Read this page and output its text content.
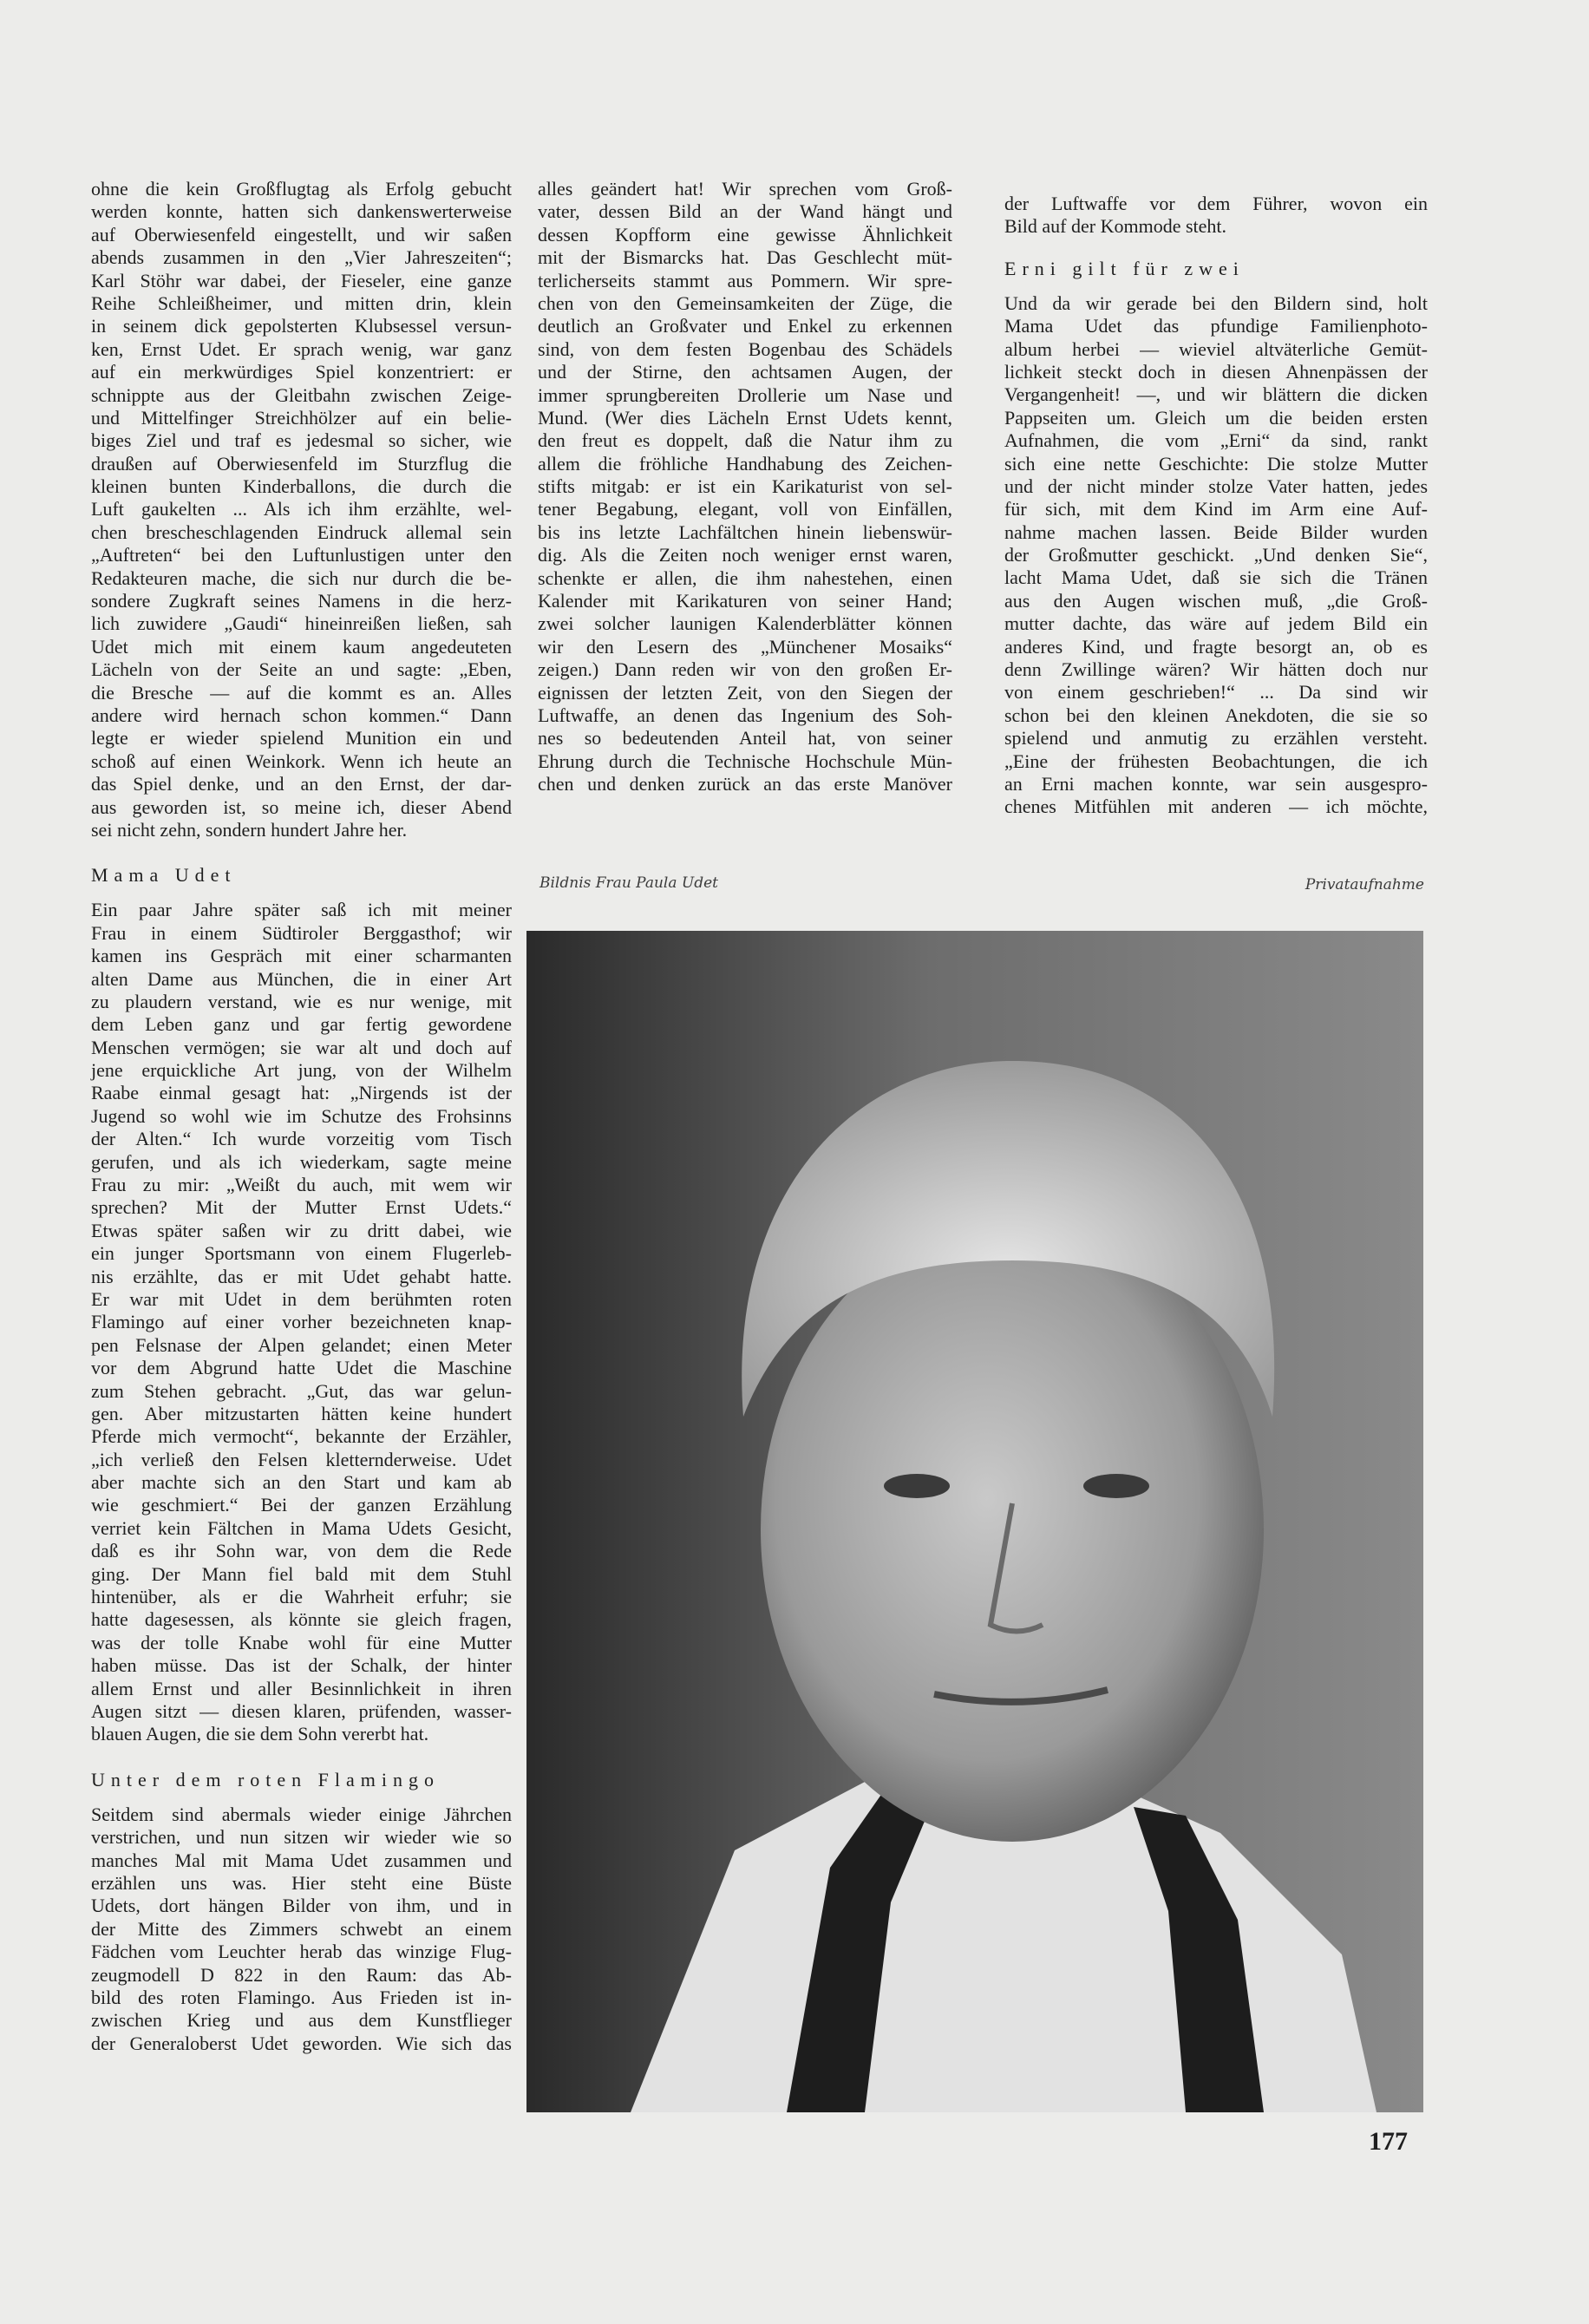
ohne die kein Großflugtag als Erfolg gebucht
werden konnte, hatten sich dankenswerterweise
auf Oberwiesenfeld eingestellt, und wir saßen
abends zusammen in den „Vier Jahreszeiten“;
Karl Stöhr war dabei, der Fieseler, eine ganze
Reihe Schleißheimer, und mitten drin, klein
in seinem dick gepolsterten Klubsessel versun-
ken, Ernst Udet. Er sprach wenig, war ganz
auf ein merkwürdiges Spiel konzentriert: er
schnippte aus der Gleitbahn zwischen Zeige-
und Mittelfinger Streichhölzer auf ein belie-
biges Ziel und traf es jedesmal so sicher, wie
draußen auf Oberwiesenfeld im Sturzflug die
kleinen bunten Kinderballons, die durch die
Luft gaukelten ... Als ich ihm erzählte, wel-
chen brescheschlagenden Eindruck allemal sein
„Auftreten“ bei den Luftunlustigen unter den
Redakteuren mache, die sich nur durch die be-
sondere Zugkraft seines Namens in die herz-
lich zuwidere „Gaudi“ hineinreißen ließen, sah
Udet mich mit einem kaum angedeuteten
Lächeln von der Seite an und sagte: „Eben,
die Bresche — auf die kommt es an. Alles
andere wird hernach schon kommen.“ Dann
legte er wieder spielend Munition ein und
schoß auf einen Weinkork. Wenn ich heute an
das Spiel denke, und an den Ernst, der dar-
aus geworden ist, so meine ich, dieser Abend
sei nicht zehn, sondern hundert Jahre her.
Mama Udet
Ein paar Jahre später saß ich mit meiner
Frau in einem Südtiroler Berggasthof; wir
kamen ins Gespräch mit einer scharmanten
alten Dame aus München, die in einer Art
zu plaudern verstand, wie es nur wenige, mit
dem Leben ganz und gar fertig gewordene
Menschen vermögen; sie war alt und doch auf
jene erquickliche Art jung, von der Wilhelm
Raabe einmal gesagt hat: „Nirgends ist der
Jugend so wohl wie im Schutze des Frohsinns
der Alten.“ Ich wurde vorzeitig vom Tisch
gerufen, und als ich wiederkam, sagte meine
Frau zu mir: „Weißt du auch, mit wem wir
sprechen? Mit der Mutter Ernst Udets.“
Etwas später saßen wir zu dritt dabei, wie
ein junger Sportsmann von einem Flugerleb-
nis erzählte, das er mit Udet gehabt hatte.
Er war mit Udet in dem berühmten roten
Flamingo auf einer vorher bezeichneten knap-
pen Felsnase der Alpen gelandet; einen Meter
vor dem Abgrund hatte Udet die Maschine
zum Stehen gebracht. „Gut, das war gelun-
gen. Aber mitzustarten hätten keine hundert
Pferde mich vermocht“, bekannte der Erzähler,
„ich verließ den Felsen kletternderweise. Udet
aber machte sich an den Start und kam ab
wie geschmiert.“ Bei der ganzen Erzählung
verriet kein Fältchen in Mama Udets Gesicht,
daß es ihr Sohn war, von dem die Rede
ging. Der Mann fiel bald mit dem Stuhl
hintenüber, als er die Wahrheit erfuhr; sie
hatte dagesessen, als könnte sie gleich fragen,
was der tolle Knabe wohl für eine Mutter
haben müsse. Das ist der Schalk, der hinter
allem Ernst und aller Besinnlichkeit in ihren
Augen sitzt — diesen klaren, prüfenden, wasser-
blauen Augen, die sie dem Sohn vererbt hat.
Unter dem roten Flamingo
Seitdem sind abermals wieder einige Jährchen
verstrichen, und nun sitzen wir wieder wie so
manches Mal mit Mama Udet zusammen und
erzählen uns was. Hier steht eine Büste
Udets, dort hängen Bilder von ihm, und in
der Mitte des Zimmers schwebt an einem
Fädchen vom Leuchter herab das winzige Flug-
zeugmodell D 822 in den Raum: das Ab-
bild des roten Flamingo. Aus Frieden ist in-
zwischen Krieg und aus dem Kunstflieger
der Generaloberst Udet geworden. Wie sich das
alles geändert hat! Wir sprechen vom Groß-
vater, dessen Bild an der Wand hängt und
dessen Kopfform eine gewisse Ähnlichkeit
mit der Bismarcks hat. Das Geschlecht müt-
terlicherseits stammt aus Pommern. Wir spre-
chen von den Gemeinsamkeiten der Züge, die
deutlich an Großvater und Enkel zu erkennen
sind, von dem festen Bogenbau des Schädels
und der Stirne, den achtsamen Augen, der
immer sprungbereiten Drollerie um Nase und
Mund. (Wer dies Lächeln Ernst Udets kennt,
den freut es doppelt, daß die Natur ihm zu
allem die fröhliche Handhabung des Zeichen-
stifts mitgab: er ist ein Karikaturist von sel-
tener Begabung, elegant, voll von Einfällen,
bis ins letzte Lachfältchen hinein liebenswür-
dig. Als die Zeiten noch weniger ernst waren,
schenkte er allen, die ihm nahestehen, einen
Kalender mit Karikaturen von seiner Hand;
zwei solcher launigen Kalenderblätter können
wir den Lesern des „Münchener Mosaiks“
zeigen.) Dann reden wir von den großen Er-
eignissen der letzten Zeit, von den Siegen der
Luftwaffe, an denen das Ingenium des Soh-
nes so bedeutenden Anteil hat, von seiner
Ehrung durch die Technische Hochschule Mün-
chen und denken zurück an das erste Manöver
der Luftwaffe vor dem Führer, wovon ein
Bild auf der Kommode steht.
Erni gilt für zwei
Und da wir gerade bei den Bildern sind, holt
Mama Udet das pfundige Familienphoto-
album herbei — wieviel altväterliche Gemüt-
lichkeit steckt doch in diesen Ahnenpässen der
Vergangenheit! —, und wir blättern die dicken
Pappseiten um. Gleich um die beiden ersten
Aufnahmen, die vom „Erni“ da sind, rankt
sich eine nette Geschichte: Die stolze Mutter
und der nicht minder stolze Vater hatten, jedes
für sich, mit dem Kind im Arm eine Auf-
nahme machen lassen. Beide Bilder wurden
der Großmutter geschickt. „Und denken Sie“,
lacht Mama Udet, daß sie sich die Tränen
aus den Augen wischen muß, „die Groß-
mutter dachte, das wäre auf jedem Bild ein
anderes Kind, und fragte besorgt an, ob es
denn Zwillinge wären? Wir hätten doch nur
von einem geschrieben!“ ... Da sind wir
schon bei den kleinen Anekdoten, die sie so
spielend und anmutig zu erzählen versteht.
„Eine der frühesten Beobachtungen, die ich
an Erni machen konnte, war sein ausgespro-
chenes Mitfühlen mit anderen — ich möchte,
Bildnis Frau Paula Udet	Privataufnahme
177
